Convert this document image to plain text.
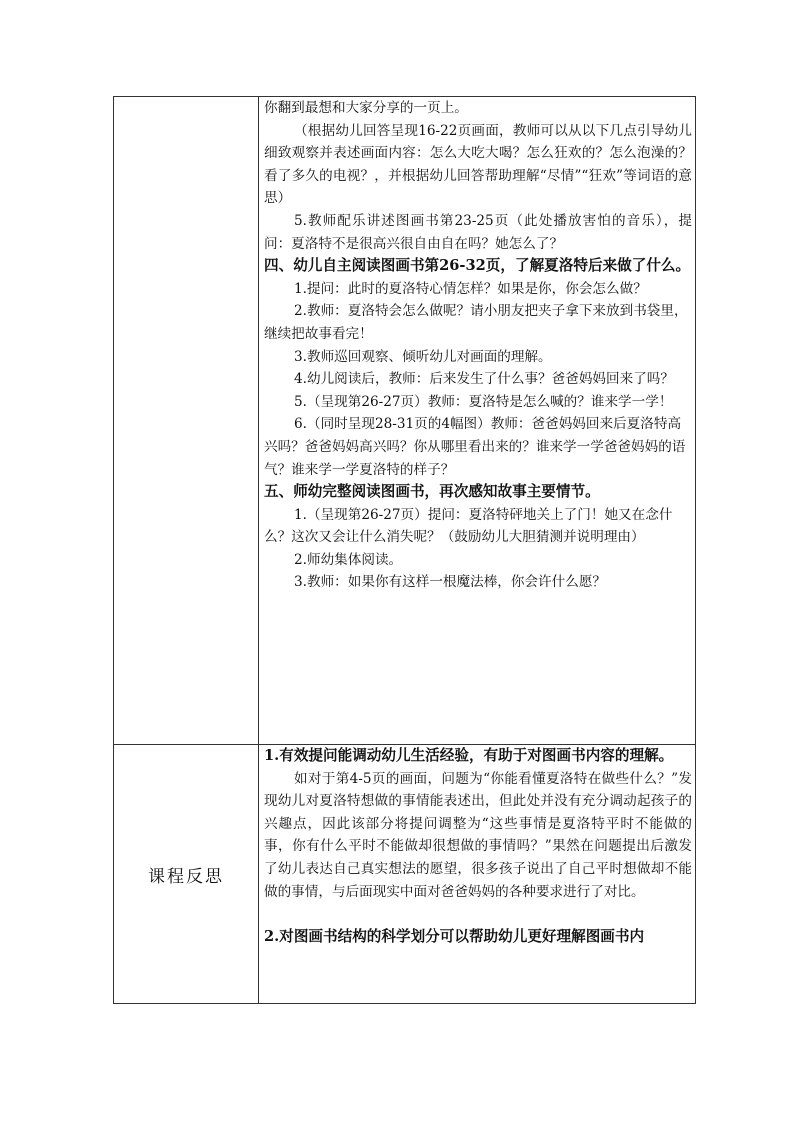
你翻到最想和大家分享的一页上。

（根据幼儿回答呈现16-22页画面，教师可以从以下几点引导幼儿细致观察并表述画面内容：怎么大吃大喝？怎么狂欢的？怎么泡澡的？看了多久的电视？，并根据幼儿回答帮助理解“尽情”“狂欢”等词语的意思）

5.教师配乐讲述图画书第23-25页（此处播放害怕的音乐），提问：夏洛特不是很高兴很自由自在吗？她怎么了？

四、幼儿自主阅读图画书第26-32页，了解夏洛特后来做了什么。

1.提问：此时的夏洛特心情怎样？如果是你，你会怎么做？

2.教师：夏洛特会怎么做呢？请小朋友把夹子拿下来放到书袋里，继续把故事看完！

3.教师巡回观察、倾听幼儿对画面的理解。

4.幼儿阅读后，教师：后来发生了什么事？爸爸妈妈回来了吗？

5.（呈现第26-27页）教师：夏洛特是怎么喊的？谁来学一学！

6.（同时呈现28-31页的4幅图）教师：爸爸妈妈回来后夏洛特高兴吗？爸爸妈妈高兴吗？你从哪里看出来的？谁来学一学爸爸妈妈的语气？谁来学一学夏洛特的样子？

五、师幼完整阅读图画书，再次感知故事主要情节。

1.（呈现第26-27页）提问：夏洛特砰地关上了门！她又在念什么？这次又会让什么消失呢？（鼓励幼儿大胆猜测并说明理由）

2.师幼集体阅读。

3.教师：如果你有这样一根魔法棒，你会许什么愿？

课程反思

1.有效提问能调动幼儿生活经验，有助于对图画书内容的理解。

如对于第4-5页的画面，问题为“你能看懂夏洛特在做些什么？”发现幼儿对夏洛特想做的事情能表述出，但此处并没有充分调动起孩子的兴趣点，因此该部分将提问调整为“这些事情是夏洛特平时不能做的事，你有什么平时不能做却很想做的事情吗？”果然在问题提出后激发了幼儿表达自己真实想法的愿望，很多孩子说出了自己平时想做却不能做的事情，与后面现实中面对爸爸妈妈的各种要求进行了对比。

2.对图画书结构的科学划分可以帮助幼儿更好理解图画书内
